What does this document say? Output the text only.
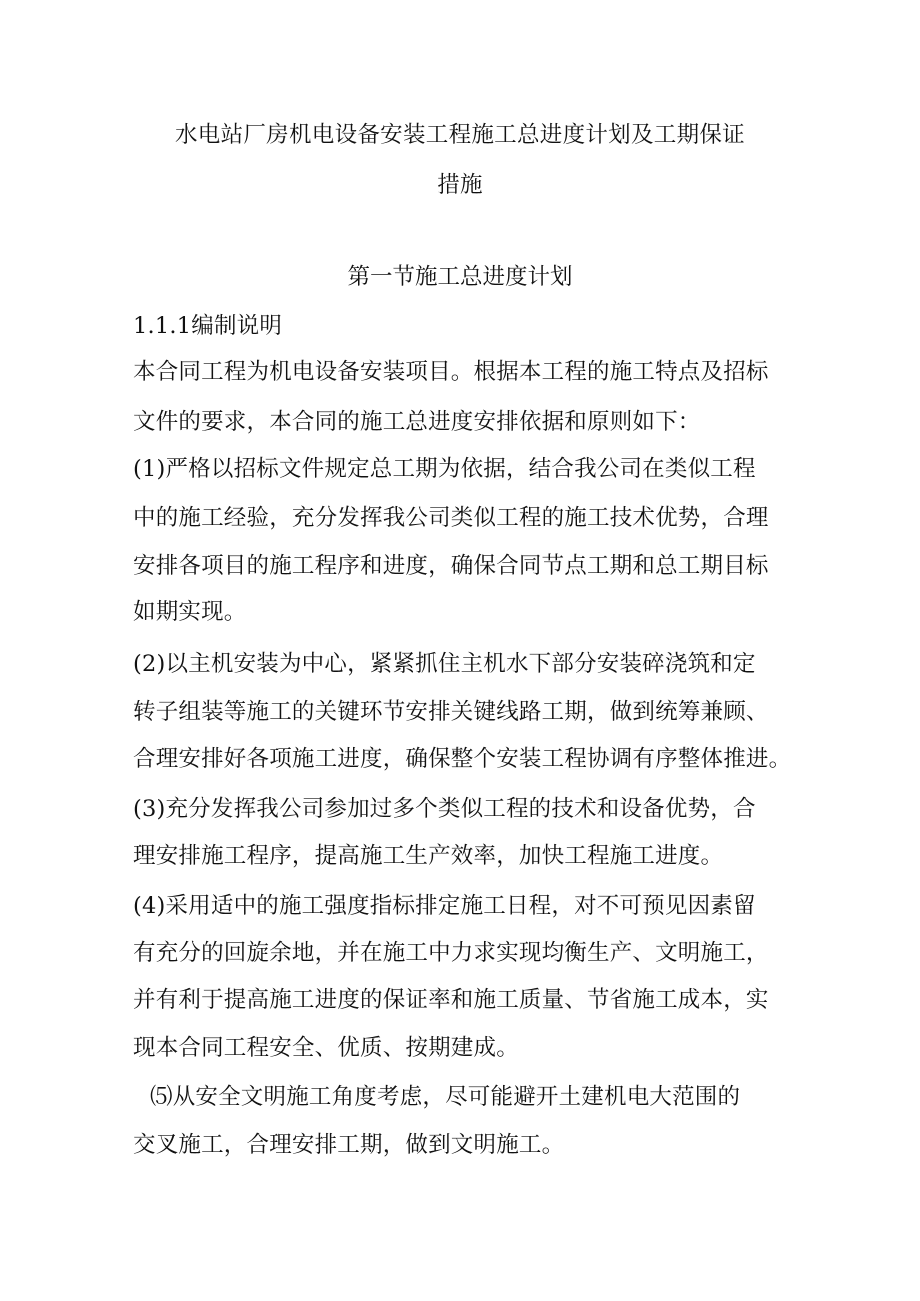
水电站厂房机电设备安装工程施工总进度计划及工期保证
措施
第一节施工总进度计划
1.1.1编制说明
本合同工程为机电设备安装项目。根据本工程的施工特点及招标
文件的要求，本合同的施工总进度安排依据和原则如下：
(1)严格以招标文件规定总工期为依据，结合我公司在类似工程
中的施工经验，充分发挥我公司类似工程的施工技术优势，合理
安排各项目的施工程序和进度，确保合同节点工期和总工期目标
如期实现。
(2)以主机安装为中心，紧紧抓住主机水下部分安装碎浇筑和定
转子组装等施工的关键环节安排关键线路工期，做到统筹兼顾、
合理安排好各项施工进度，确保整个安装工程协调有序整体推进。
(3)充分发挥我公司参加过多个类似工程的技术和设备优势，合
理安排施工程序，提高施工生产效率，加快工程施工进度。
(4)采用适中的施工强度指标排定施工日程，对不可预见因素留
有充分的回旋余地，并在施工中力求实现均衡生产、文明施工，
并有利于提高施工进度的保证率和施工质量、节省施工成本，实
现本合同工程安全、优质、按期建成。
⑸从安全文明施工角度考虑，尽可能避开土建机电大范围的
交叉施工，合理安排工期，做到文明施工。
